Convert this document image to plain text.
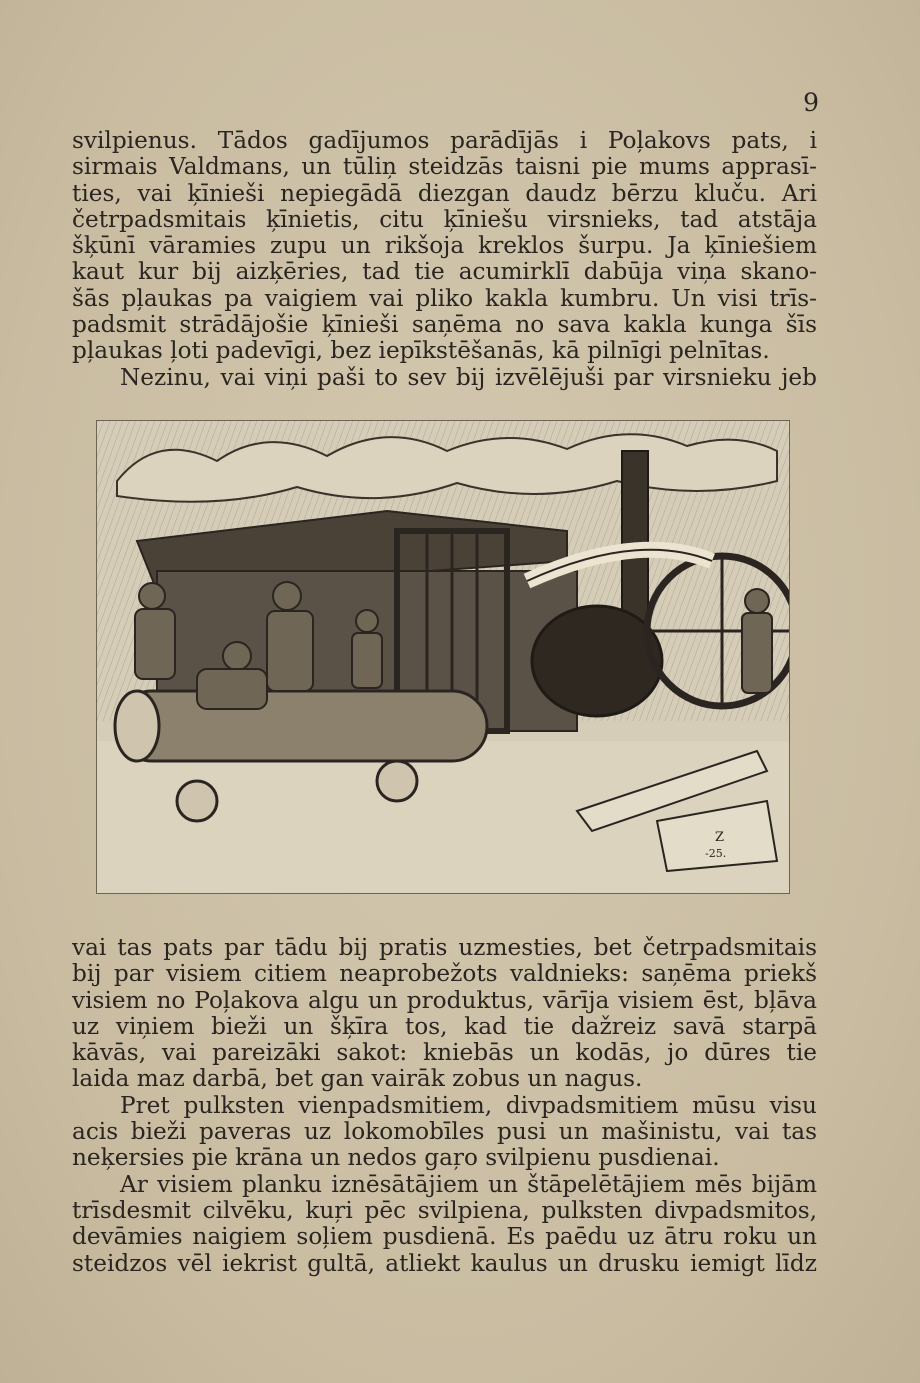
9
svilpienus. Tādos gadījumos parādījās i Poļakovs pats, i
sirmais Valdmans, un tūliņ steidzās taisni pie mums apprasī-
ties, vai ķīnieši nepiegādā diezgan daudz bērzu kluču. Ari
četrpadsmitais ķīnietis, citu ķīniešu virsnieks, tad atstāja
šķūnī vāramies zupu un rikšoja kreklos šurpu. Ja ķīniešiem
kaut kur bij aizķēries, tad tie acumirklī dabūja viņa skano-
šās pļaukas pa vaigiem vai pliko kakla kumbru. Un visi trīs-
padsmit strādājošie ķīnieši saņēma no sava kakla kunga šīs
pļaukas ļoti padevīgi, bez iepīkstēšanās, kā pilnīgi pelnītas.
Nezinu, vai viņi paši to sev bij izvēlējuši par virsnieku jeb
Z
-25.
vai tas pats par tādu bij pratis uzmesties, bet četrpadsmitais
bij par visiem citiem neaprobežots valdnieks: saņēma priekš
visiem no Poļakova algu un produktus, vārīja visiem ēst, bļāva
uz viņiem bieži un šķīra tos, kad tie dažreiz savā starpā
kāvās, vai pareizāki sakot: kniebās un kodās, jo dūres tie
laida maz darbā, bet gan vairāk zobus un nagus.
Pret pulksten vienpadsmitiem, divpadsmitiem mūsu visu
acis bieži paveras uz lokomobīles pusi un mašinistu, vai tas
neķersies pie krāna un nedos gaŗo svilpienu pusdienai.
Ar visiem planku iznēsātājiem un štāpelētājiem mēs bijām
trīsdesmit cilvēku, kuŗi pēc svilpiena, pulksten divpadsmitos,
devāmies naigiem soļiem pusdienā. Es paēdu uz ātru roku un
steidzos vēl iekrist gultā, atliekt kaulus un drusku iemigt līdz
